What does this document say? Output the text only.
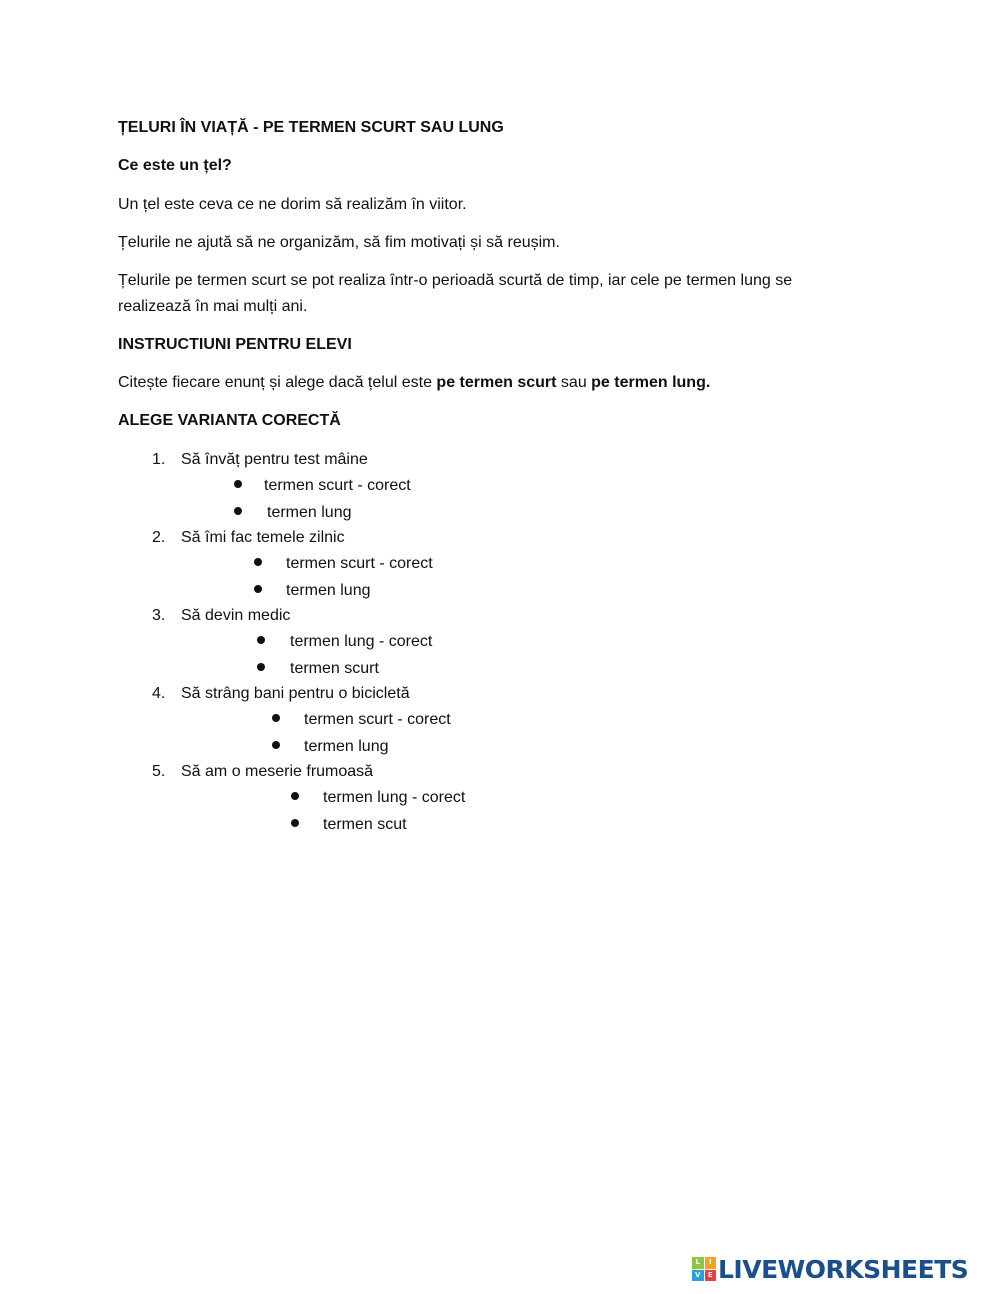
ȚELURI ÎN VIAȚĂ - PE TERMEN SCURT SAU LUNG

Ce este un țel?

Un țel este ceva ce ne dorim să realizăm în viitor.

Țelurile ne ajută să ne organizăm, să fim motivați și să reușim.

Țelurile pe termen scurt se pot realiza într-o perioadă scurtă de timp, iar cele pe termen lung se realizează în mai mulți ani.

INSTRUCTIUNI PENTRU ELEVI

Citește fiecare enunț și alege dacă țelul este pe termen scurt sau pe termen lung.

ALEGE VARIANTA CORECTĂ

1. Să învăț pentru test mâine
termen scurt - corect
termen lung
2. Să îmi fac temele zilnic
termen scurt - corect
termen lung
3. Să devin medic
termen lung - corect
termen scurt
4. Să strâng bani pentru o bicicletă
termen scurt - corect
termen lung
5. Să am o meserie frumoasă
termen lung - corect
termen scut
L	I
V	E LIVEWORKSHEETS
